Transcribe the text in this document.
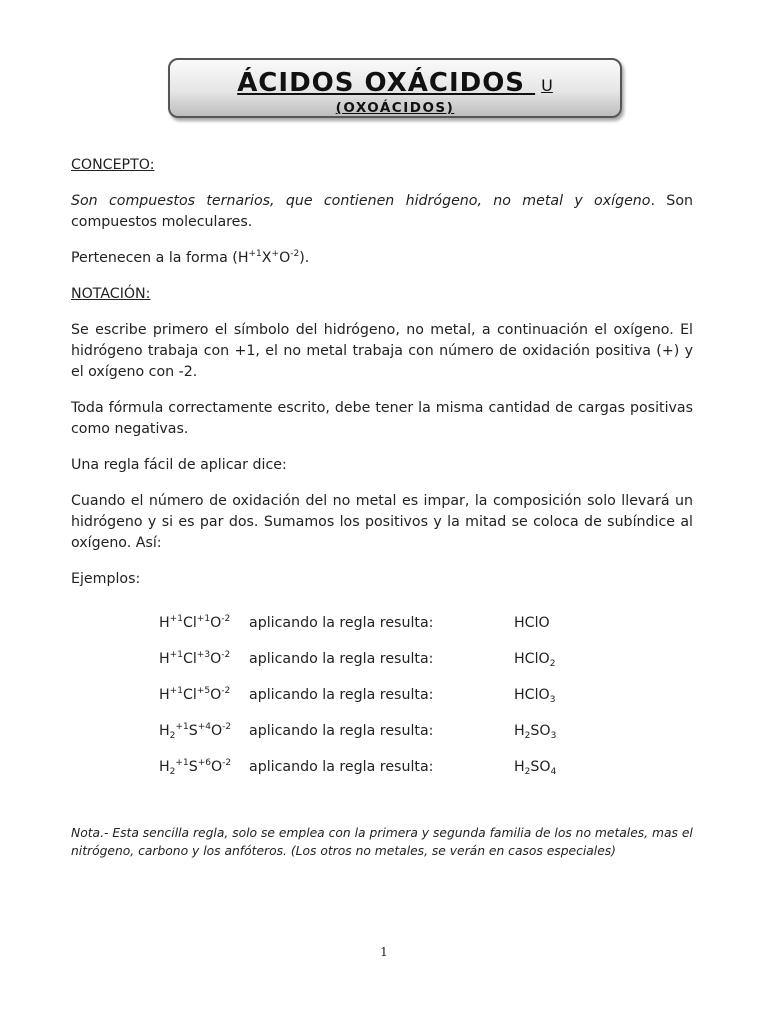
ÁCIDOS OXÁCIDOS U
(OXOÁCIDOS)

CONCEPTO:

Son compuestos ternarios, que contienen hidrógeno, no metal y oxígeno. Son compuestos moleculares.

Pertenecen a la forma $(H^{+1}X^+O^{-2})$.

NOTACIÓN:

Se escribe primero el símbolo del hidrógeno, no metal, a continuación el oxígeno. El hidrógeno trabaja con +1, el no metal trabaja con número de oxidación positiva (+) y el oxígeno con -2.

Toda fórmula correctamente escrito, debe tener la misma cantidad de cargas positivas como negativas.

Una regla fácil de aplicar dice:

Cuando el número de oxidación del no metal es impar, la composición solo llevará un hidrógeno y si es par dos. Sumamos los positivos y la mitad se coloca de subíndice al oxígeno. Así:

Ejemplos:

$H^{+1}Cl^{+1}O^{-2}$	aplicando la regla resulta:	HClO
$H^{+1}Cl^{+3}O^{-2}$	aplicando la regla resulta:	HClO$_2$
$H^{+1}Cl^{+5}O^{-2}$	aplicando la regla resulta:	HClO$_3$
$H_2^{+1}S^{+4}O^{-2}$	aplicando la regla resulta:	$H_2SO_3$
$H_2^{+1}S^{+6}O^{-2}$	aplicando la regla resulta:	$H_2SO_4$
Nota.- Esta sencilla regla, solo se emplea con la primera y segunda familia de los no metales, mas el nitrógeno, carbono y los anfóteros. (Los otros no metales, se verán en casos especiales)
1
